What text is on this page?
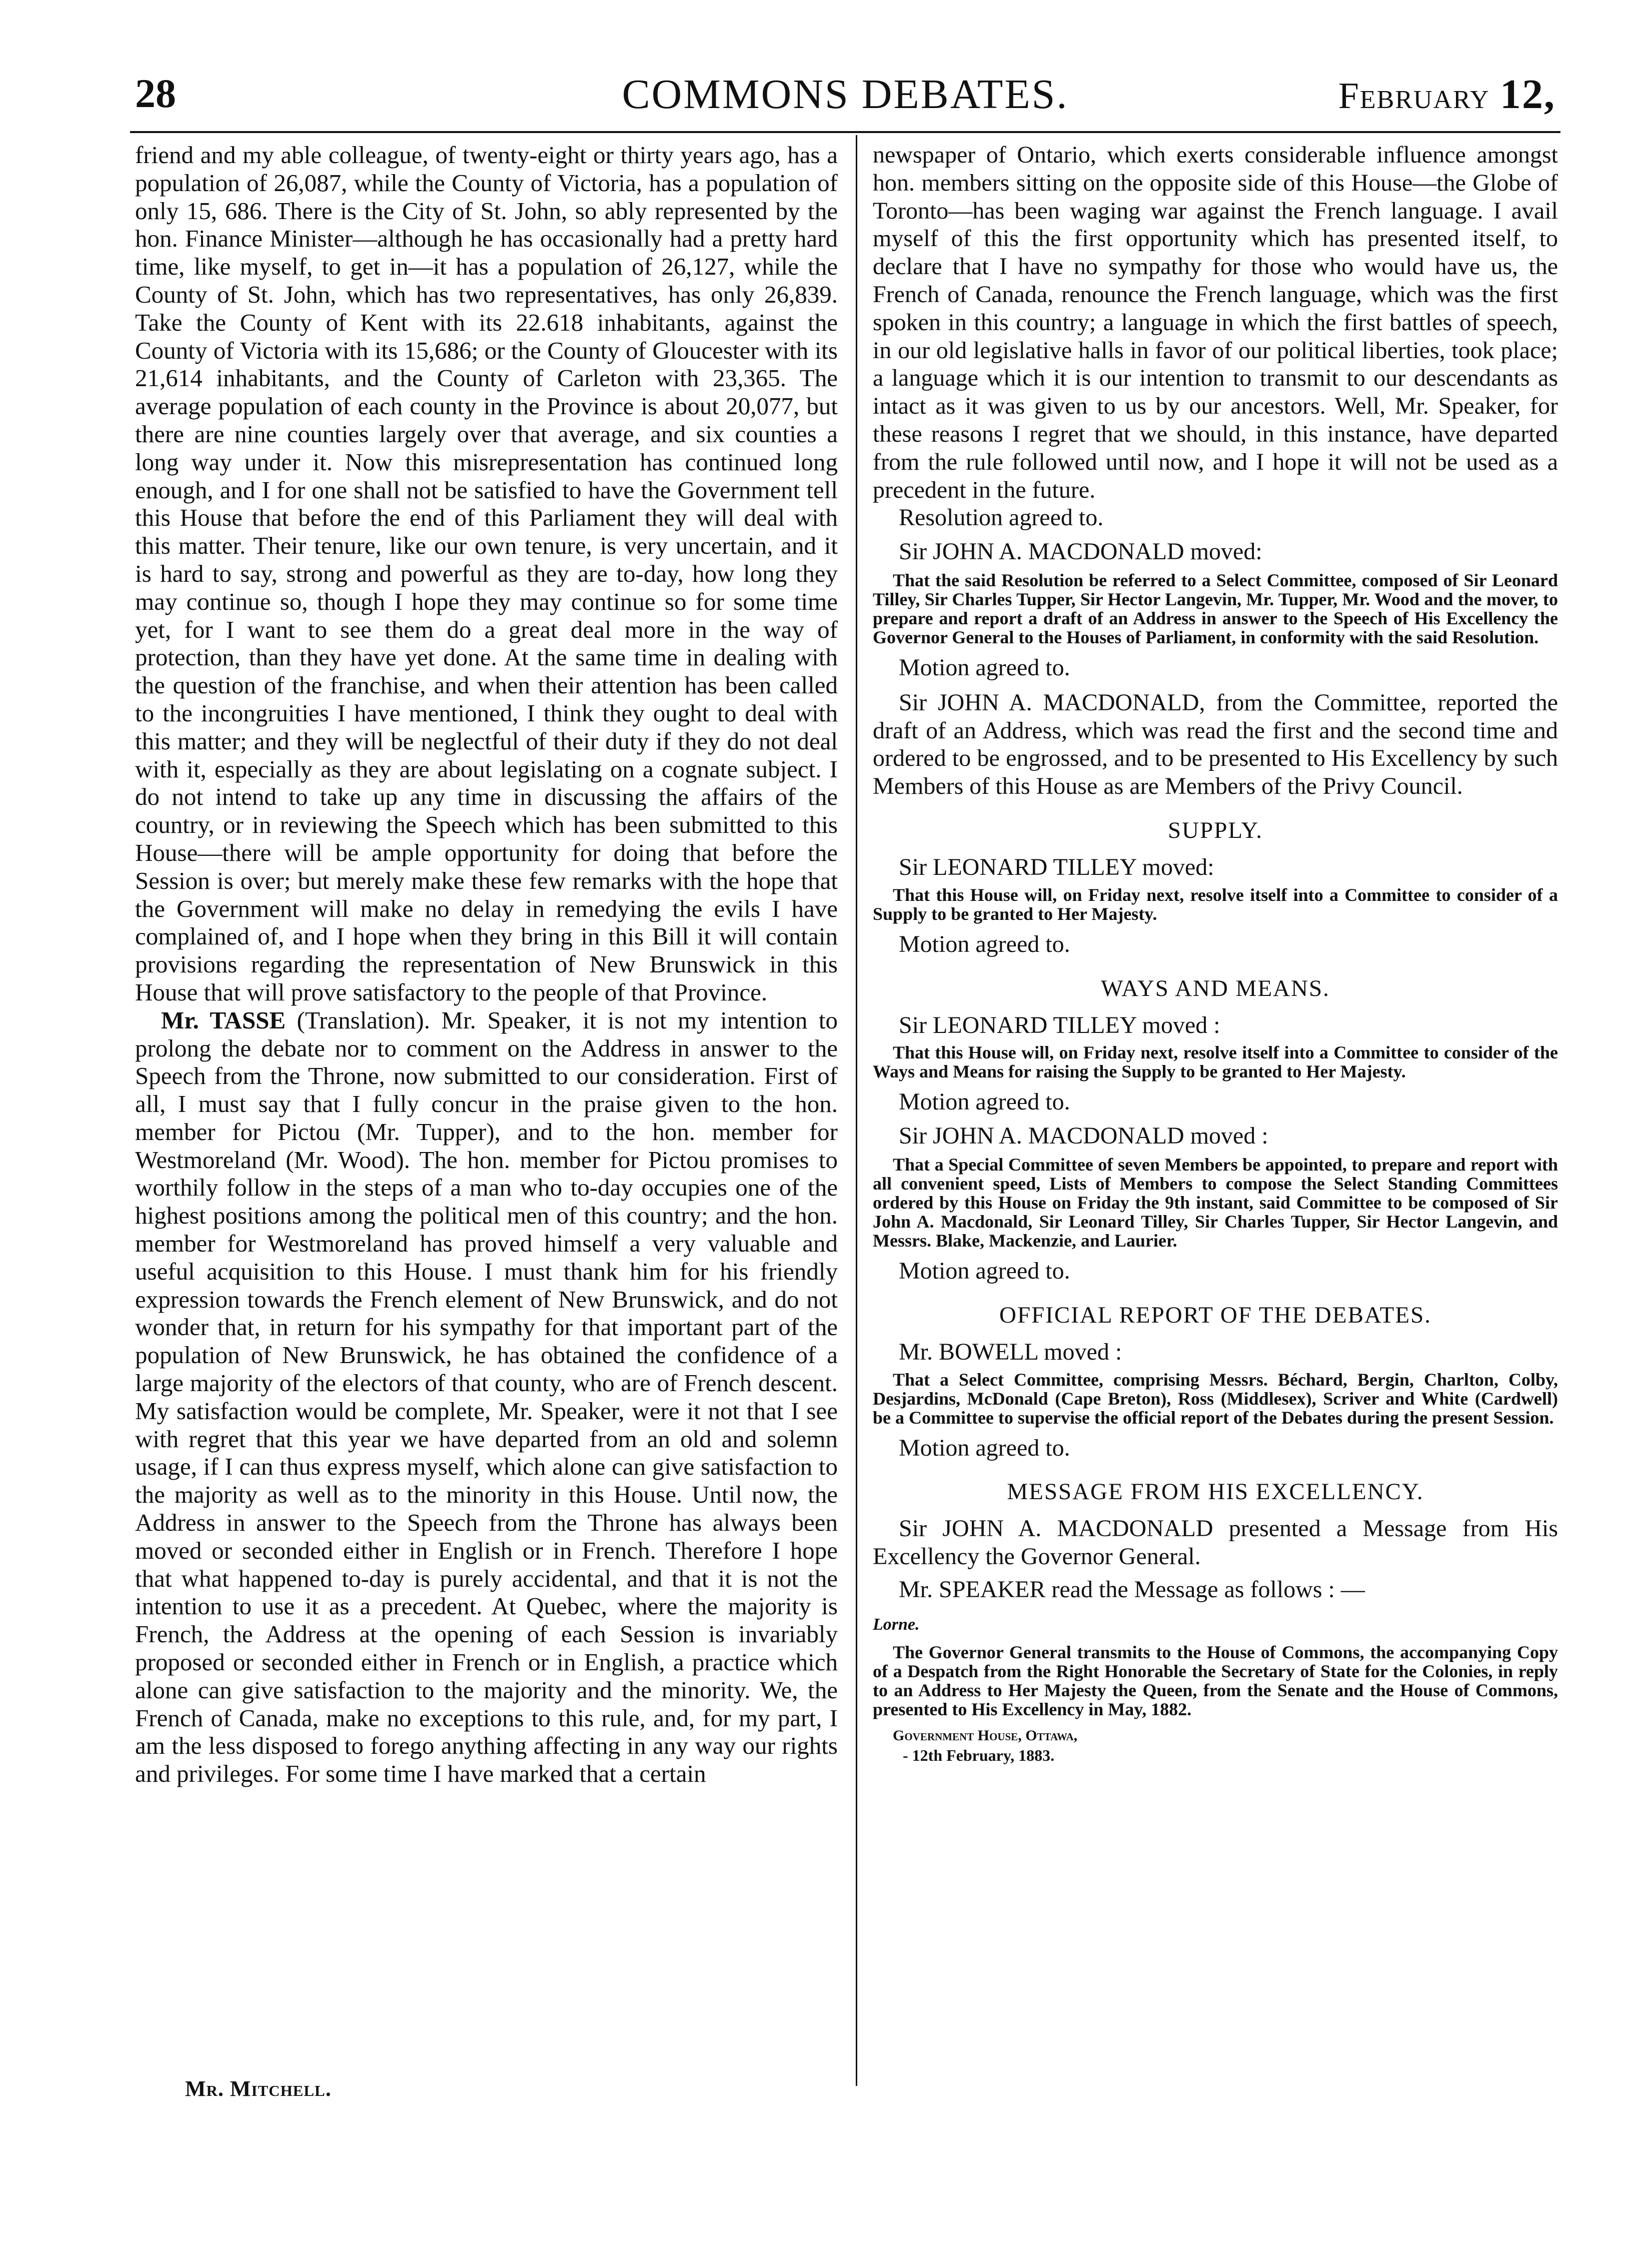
28	COMMONS DEBATES.	February 12,

friend and my able colleague, of twenty-eight or thirty years ago, has a population of 26,087, while the County of Victoria, has a population of only 15, 686. There is the City of St. John, so ably represented by the hon. Finance Minister—although he has occasionally had a pretty hard time, like myself, to get in—it has a population of 26,127, while the County of St. John, which has two representatives, has only 26,839. Take the County of Kent with its 22.618 inhabitants, against the County of Victoria with its 15,686; or the County of Gloucester with its 21,614 inhabitants, and the County of Carleton with 23,365. The average population of each county in the Province is about 20,077, but there are nine counties largely over that average, and six counties a long way under it. Now this misrepresentation has continued long enough, and I for one shall not be satisfied to have the Government tell this House that before the end of this Parliament they will deal with this matter. Their tenure, like our own tenure, is very uncertain, and it is hard to say, strong and powerful as they are to-day, how long they may continue so, though I hope they may continue so for some time yet, for I want to see them do a great deal more in the way of protection, than they have yet done. At the same time in dealing with the question of the franchise, and when their attention has been called to the incongruities I have mentioned, I think they ought to deal with this matter; and they will be neglectful of their duty if they do not deal with it, especially as they are about legislating on a cognate subject. I do not intend to take up any time in discussing the affairs of the country, or in reviewing the Speech which has been submitted to this House—there will be ample opportunity for doing that before the Session is over; but merely make these few remarks with the hope that the Government will make no delay in remedying the evils I have complained of, and I hope when they bring in this Bill it will contain provisions regarding the representation of New Brunswick in this House that will prove satisfactory to the people of that Province.

Mr. TASSE (Translation). Mr. Speaker, it is not my intention to prolong the debate nor to comment on the Address in answer to the Speech from the Throne, now submitted to our consideration. First of all, I must say that I fully concur in the praise given to the hon. member for Pictou (Mr. Tupper), and to the hon. member for Westmoreland (Mr. Wood). The hon. member for Pictou promises to worthily follow in the steps of a man who to-day occupies one of the highest positions among the political men of this country; and the hon. member for Westmoreland has proved himself a very valuable and useful acquisition to this House. I must thank him for his friendly expression towards the French element of New Brunswick, and do not wonder that, in return for his sympathy for that important part of the population of New Brunswick, he has obtained the confidence of a large majority of the electors of that county, who are of French descent. My satisfaction would be complete, Mr. Speaker, were it not that I see with regret that this year we have departed from an old and solemn usage, if I can thus express myself, which alone can give satisfaction to the majority as well as to the minority in this House. Until now, the Address in answer to the Speech from the Throne has always been moved or seconded either in English or in French. Therefore I hope that what happened to-day is purely accidental, and that it is not the intention to use it as a precedent. At Quebec, where the majority is French, the Address at the opening of each Session is invariably proposed or seconded either in French or in English, a practice which alone can give satisfaction to the majority and the minority. We, the French of Canada, make no exceptions to this rule, and, for my part, I am the less disposed to forego anything affecting in any way our rights and privileges. For some time I have marked that a certain

newspaper of Ontario, which exerts considerable influence amongst hon. members sitting on the opposite side of this House—the Globe of Toronto—has been waging war against the French language. I avail myself of this the first opportunity which has presented itself, to declare that I have no sympathy for those who would have us, the French of Canada, renounce the French language, which was the first spoken in this country; a language in which the first battles of speech, in our old legislative halls in favor of our political liberties, took place; a language which it is our intention to transmit to our descendants as intact as it was given to us by our ancestors. Well, Mr. Speaker, for these reasons I regret that we should, in this instance, have departed from the rule followed until now, and I hope it will not be used as a precedent in the future.

Resolution agreed to.

Sir JOHN A. MACDONALD moved:

That the said Resolution be referred to a Select Committee, composed of Sir Leonard Tilley, Sir Charles Tupper, Sir Hector Langevin, Mr. Tupper, Mr. Wood and the mover, to prepare and report a draft of an Address in answer to the Speech of His Excellency the Governor General to the Houses of Parliament, in conformity with the said Resolution.

Motion agreed to.

Sir JOHN A. MACDONALD, from the Committee, reported the draft of an Address, which was read the first and the second time and ordered to be engrossed, and to be presented to His Excellency by such Members of this House as are Members of the Privy Council.

SUPPLY.

Sir LEONARD TILLEY moved:

That this House will, on Friday next, resolve itself into a Committee to consider of a Supply to be granted to Her Majesty.

Motion agreed to.

WAYS AND MEANS.

Sir LEONARD TILLEY moved :

That this House will, on Friday next, resolve itself into a Committee to consider of the Ways and Means for raising the Supply to be granted to Her Majesty.

Motion agreed to.

Sir JOHN A. MACDONALD moved :

That a Special Committee of seven Members be appointed, to prepare and report with all convenient speed, Lists of Members to compose the Select Standing Committees ordered by this House on Friday the 9th instant, said Committee to be composed of Sir John A. Macdonald, Sir Leonard Tilley, Sir Charles Tupper, Sir Hector Langevin, and Messrs. Blake, Mackenzie, and Laurier.

Motion agreed to.

OFFICIAL REPORT OF THE DEBATES.

Mr. BOWELL moved :

That a Select Committee, comprising Messrs. Béchard, Bergin, Charlton, Colby, Desjardins, McDonald (Cape Breton), Ross (Middlesex), Scriver and White (Cardwell) be a Committee to supervise the official report of the Debates during the present Session.

Motion agreed to.

MESSAGE FROM HIS EXCELLENCY.

Sir JOHN A. MACDONALD presented a Message from His Excellency the Governor General.

Mr. SPEAKER read the Message as follows : —

Lorne.

The Governor General transmits to the House of Commons, the accompanying Copy of a Despatch from the Right Honorable the Secretary of State for the Colonies, in reply to an Address to Her Majesty the Queen, from the Senate and the House of Commons, presented to His Excellency in May, 1882.

Government House, Ottawa,

- 12th February, 1883.

Mr. Mitchell.
